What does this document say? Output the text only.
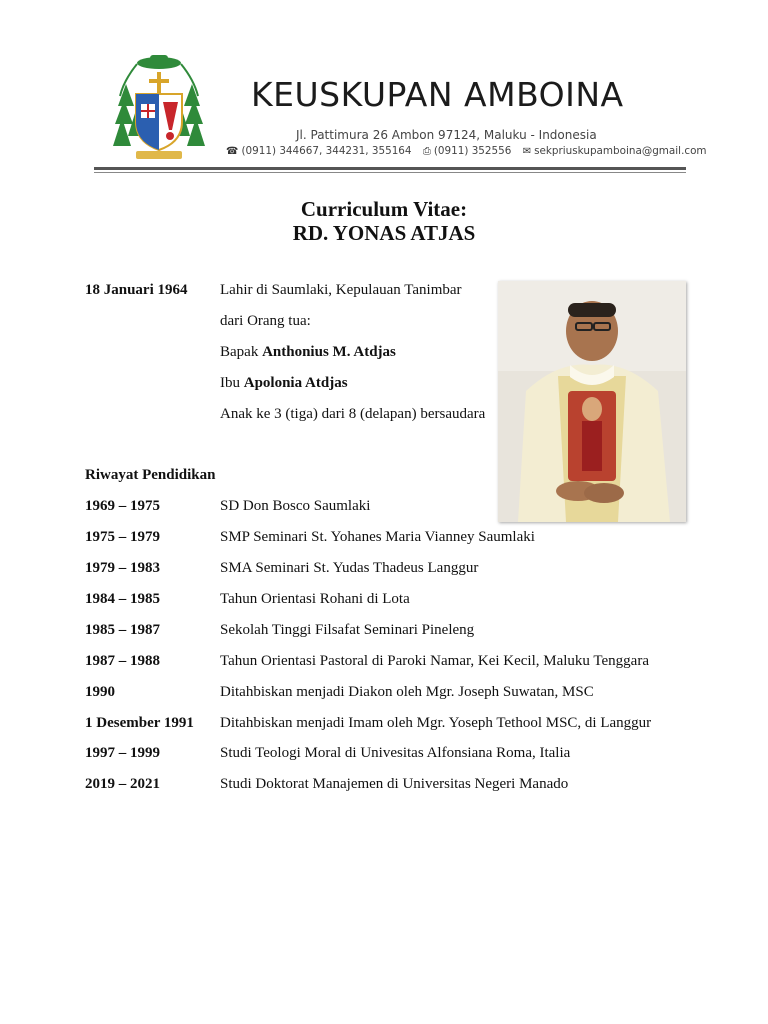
KEUSKUPAN AMBOINA
Jl. Pattimura 26 Ambon 97124, Maluku - Indonesia
☎ (0911) 344667, 344231, 355164 ⎙ (0911) 352556 ✉ sekpriuskupamboina@gmail.com
Curriculum Vitae:
RD. YONAS ATJAS
18 Januari 1964 Lahir di Saumlaki, Kepulauan Tanimbar
dari Orang tua:
Bapak Anthonius M. Atdjas
Ibu Apolonia Atdjas
Anak ke 3 (tiga) dari 8 (delapan) bersaudara
Riwayat Pendidikan
1969 – 1975	SD Don Bosco Saumlaki
1975 – 1979	SMP Seminari St. Yohanes Maria Vianney Saumlaki
1979 – 1983	SMA Seminari St. Yudas Thadeus Langgur
1984 – 1985	Tahun Orientasi Rohani di Lota
1985 – 1987	Sekolah Tinggi Filsafat Seminari Pineleng
1987 – 1988	Tahun Orientasi Pastoral di Paroki Namar, Kei Kecil, Maluku Tenggara
1990	Ditahbiskan menjadi Diakon oleh Mgr. Joseph Suwatan, MSC
1 Desember 1991 Ditahbiskan menjadi Imam oleh Mgr. Yoseph Tethool MSC, di Langgur
1997 – 1999	Studi Teologi Moral di Univesitas Alfonsiana Roma, Italia
2019 – 2021	Studi Doktorat Manajemen di Universitas Negeri Manado
